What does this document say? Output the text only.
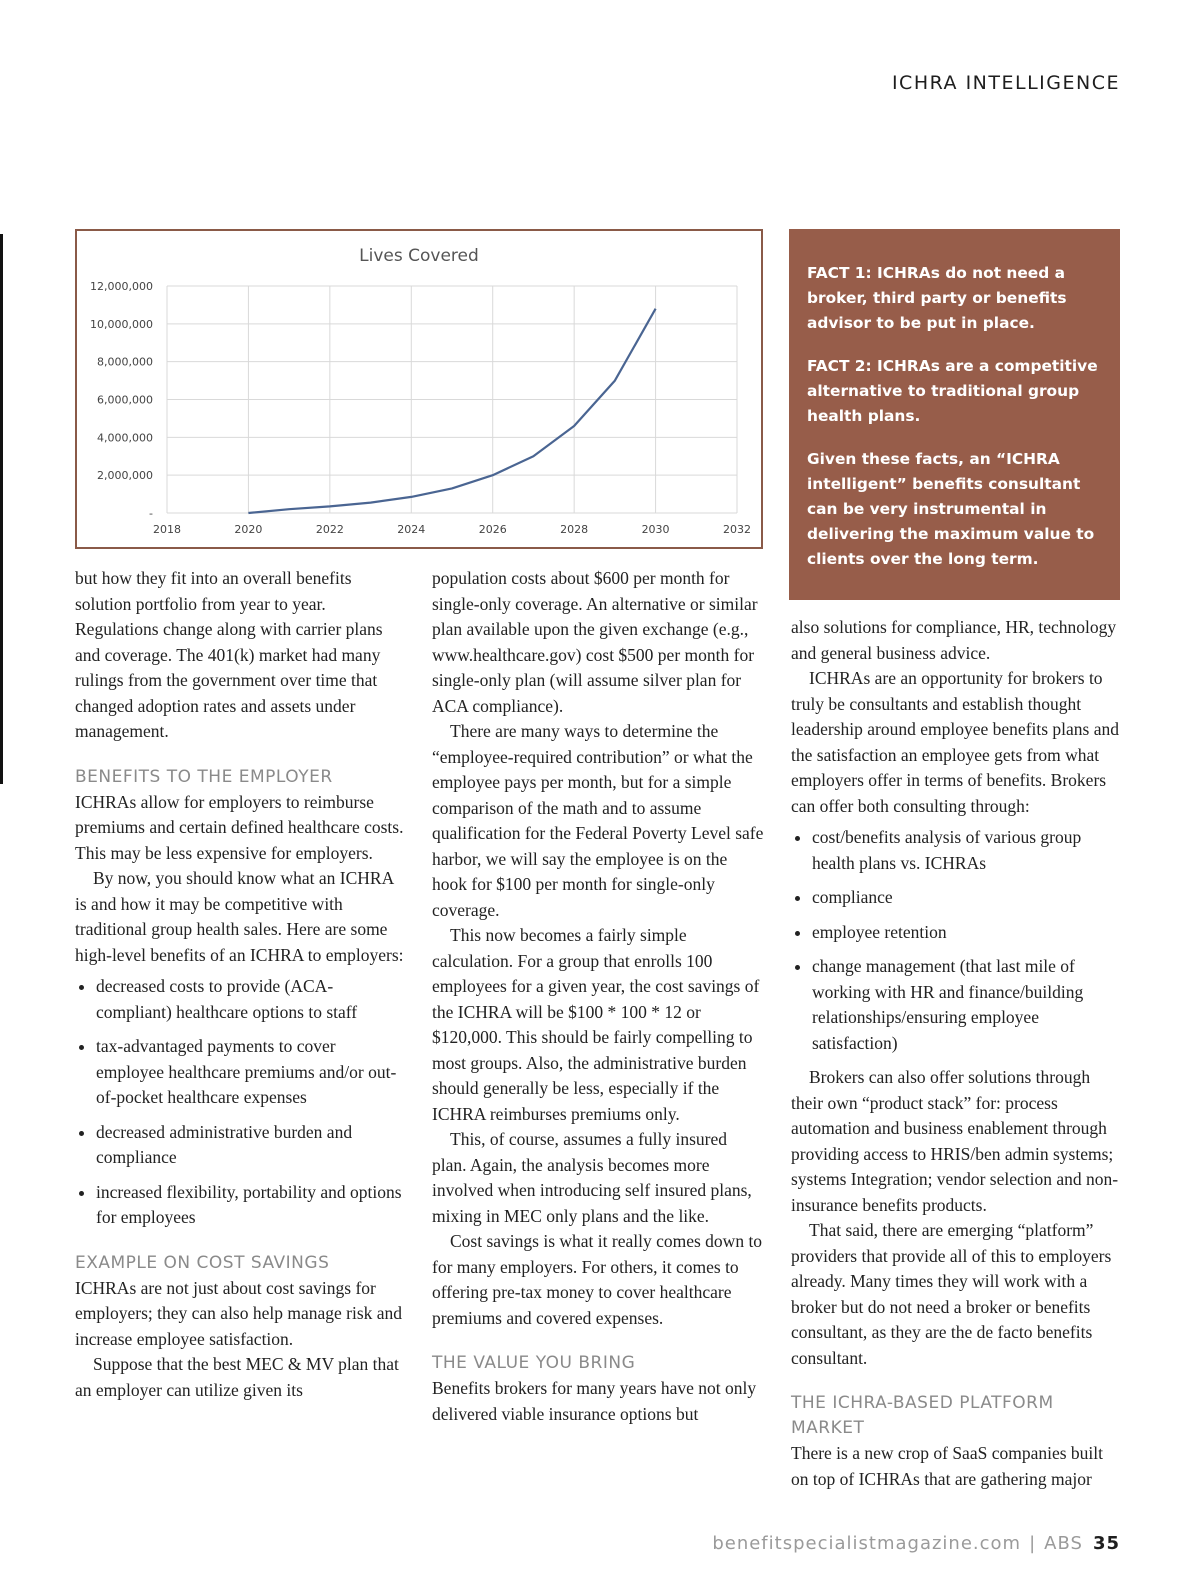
ICHRA INTELLIGENCE
Lives Covered
-
2,000,000
4,000,000
6,000,000
8,000,000
10,000,000
12,000,000
2018	2020	2022	2024	2026	2028	2030	2032

FACT 1: ICHRAs do not need a broker, third party or benefits advisor to be put in place.

FACT 2: ICHRAs are a competitive alternative to traditional group health plans.

Given these facts, an “ICHRA intelligent” benefits consultant can be very instrumental in delivering the maximum value to clients over the long term.

but how they fit into an overall benefits solution portfolio from year to year. Regulations change along with carrier plans and coverage. The 401(k) market had many rulings from the government over time that changed adoption rates and assets under management.

BENEFITS TO THE EMPLOYER

ICHRAs allow for employers to reimburse premiums and certain defined healthcare costs. This may be less expensive for employers.

By now, you should know what an ICHRA is and how it may be competitive with traditional group health sales. Here are some high-level benefits of an ICHRA to employers:

• decreased costs to provide (ACA-compliant) healthcare options to staff
• tax-advantaged payments to cover employee healthcare premiums and/or out-of-pocket healthcare expenses
• decreased administrative burden and compliance
• increased flexibility, portability and options for employees
EXAMPLE ON COST SAVINGS

ICHRAs are not just about cost savings for employers; they can also help manage risk and increase employee satisfaction.

Suppose that the best MEC & MV plan that an employer can utilize given its

population costs about $600 per month for single-only coverage. An alternative or similar plan available upon the given exchange (e.g., www.healthcare.gov) cost $500 per month for single-only plan (will assume silver plan for ACA compliance).

There are many ways to determine the “employee-required contribution” or what the employee pays per month, but for a simple comparison of the math and to assume qualification for the Federal Poverty Level safe harbor, we will say the employee is on the hook for $100 per month for single-only coverage.

This now becomes a fairly simple calculation. For a group that enrolls 100 employees for a given year, the cost savings of the ICHRA will be $100 * 100 * 12 or $120,000. This should be fairly compelling to most groups. Also, the administrative burden should generally be less, especially if the ICHRA reimburses premiums only.

This, of course, assumes a fully insured plan. Again, the analysis becomes more involved when introducing self insured plans, mixing in MEC only plans and the like.

Cost savings is what it really comes down to for many employers. For others, it comes to offering pre-tax money to cover healthcare premiums and covered expenses.

THE VALUE YOU BRING

Benefits brokers for many years have not only delivered viable insurance options but

also solutions for compliance, HR, technology and general business advice.

ICHRAs are an opportunity for brokers to truly be consultants and establish thought leadership around employee benefits plans and the satisfaction an employee gets from what employers offer in terms of benefits. Brokers can offer both consulting through:

• cost/benefits analysis of various group health plans vs. ICHRAs
• compliance
• employee retention
• change management (that last mile of working with HR and finance/building relationships/ensuring employee satisfaction)

Brokers can also offer solutions through their own “product stack” for: process automation and business enablement through providing access to HRIS/ben admin systems; systems Integration; vendor selection and non-insurance benefits products.

That said, there are emerging “platform” providers that provide all of this to employers already. Many times they will work with a broker but do not need a broker or benefits consultant, as they are the de facto benefits consultant.

THE ICHRA-BASED PLATFORM MARKET

There is a new crop of SaaS companies built on top of ICHRAs that are gathering major

benefitspecialistmagazine.com | ABS 35
